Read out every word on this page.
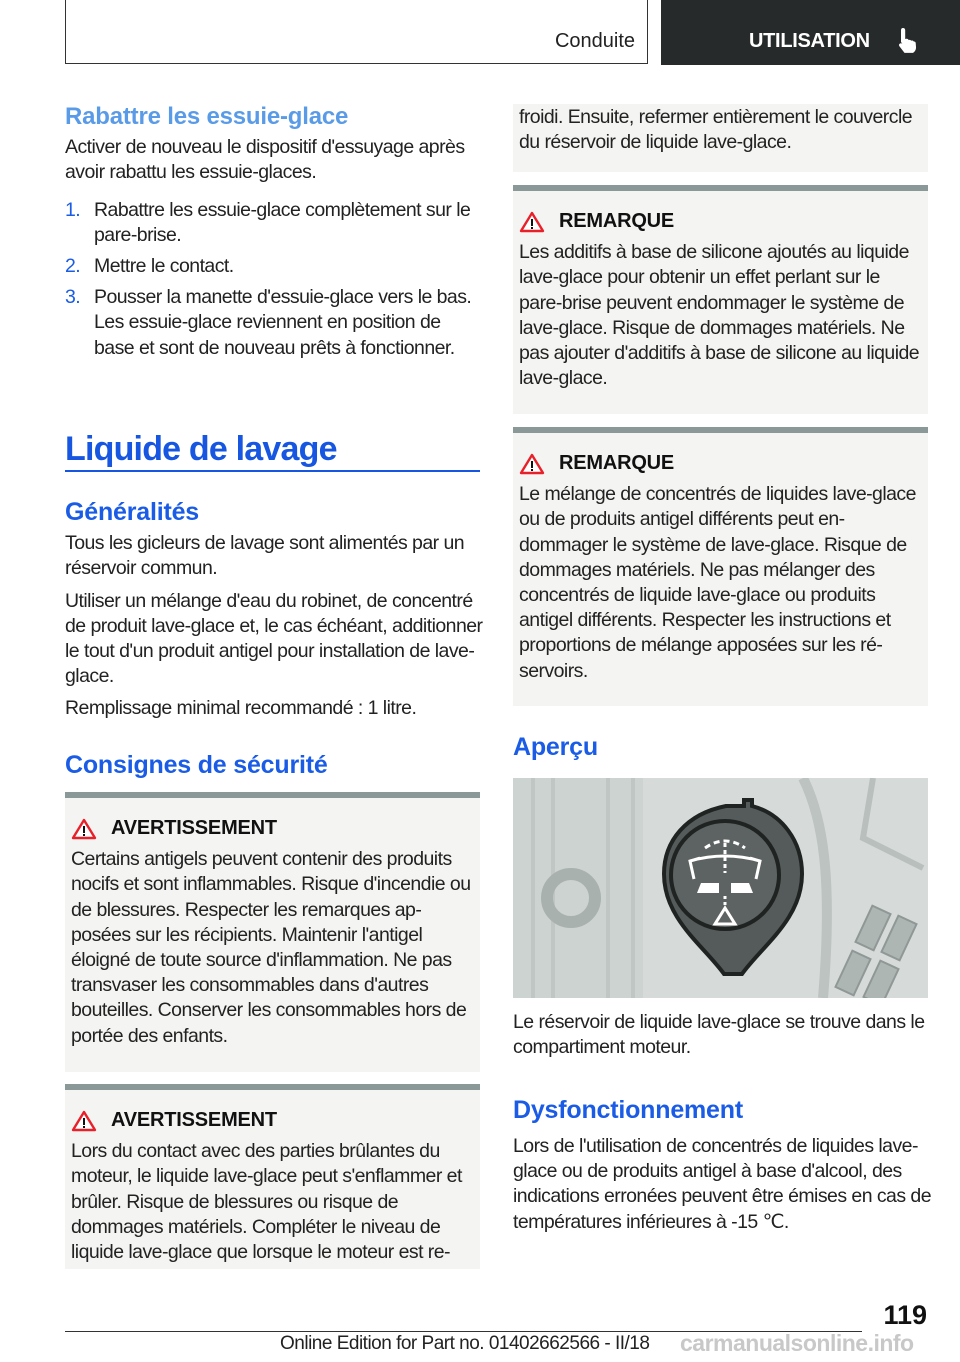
Conduite	UTILISATION
Rabattre les essuie-glace

Activer de nouveau le dispositif d'essuyage après avoir rabattu les essuie-glaces.

1. Rabattre les essuie-glace complètement sur le pare-brise.
2. Mettre le contact.
3. Pousser la manette d'essuie-glace vers le bas. Les essuie-glace reviennent en position de base et sont de nouveau prêts à fonctionner.
Liquide de lavage
Généralités

Tous les gicleurs de lavage sont alimentés par un réservoir commun.

Utiliser un mélange d'eau du robinet, de concentré de produit lave-glace et, le cas échéant, additionner le tout d'un produit antigel pour installation de lave-glace.

Remplissage minimal recommandé : 1 litre.

Consignes de sécurité
AVERTISSEMENT
Certains antigels peuvent contenir des produits nocifs et sont inflammables. Risque d'incendie ou de blessures. Respecter les remarques apposées sur les récipients. Maintenir l'antigel éloigné de toute source d'inflammation. Ne pas transvaser les consommables dans d'autres bouteilles. Conserver les consommables hors de portée des enfants.
AVERTISSEMENT
Lors du contact avec des parties brûlantes du moteur, le liquide lave-glace peut s'enflammer et brûler. Risque de blessures ou risque de dommages matériels. Compléter le niveau de liquide lave-glace que lorsque le moteur est re-
froidi. Ensuite, refermer entièrement le couvercle du réservoir de liquide lave-glace.
REMARQUE
Les additifs à base de silicone ajoutés au liquide lave-glace pour obtenir un effet perlant sur le pare-brise peuvent endommager le système de lave-glace. Risque de dommages matériels. Ne pas ajouter d'additifs à base de silicone au liquide lave-glace.
REMARQUE
Le mélange de concentrés de liquides lave-glace ou de produits antigel différents peut endommager le système de lave-glace. Risque de dommages matériels. Ne pas mélanger des concentrés de liquide lave-glace ou produits antigel différents. Respecter les instructions et proportions de mélange apposées sur les réservoirs.
Aperçu
Le réservoir de liquide lave-glace se trouve dans le compartiment moteur.
Dysfonctionnement
Lors de l'utilisation de concentrés de liquides lave-glace ou de produits antigel à base d'alcool, des indications erronées peuvent être émises en cas de températures inférieures à -15 ℃.
119
Online Edition for Part no. 01402662566 - II/18 carmanualsonline.info
